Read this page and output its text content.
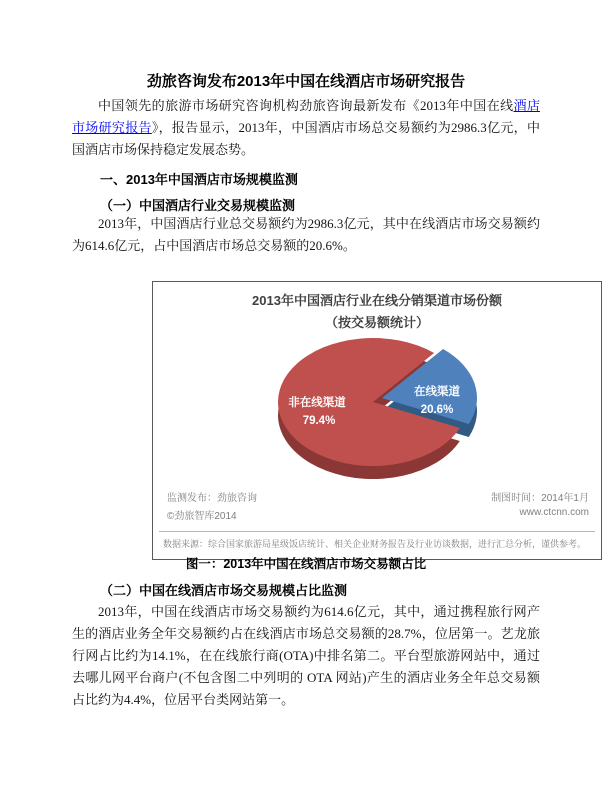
劲旅咨询发布2013年中国在线酒店市场研究报告

中国领先的旅游市场研究咨询机构劲旅咨询最新发布《2013年中国在线酒店市场研究报告》，报告显示，2013年，中国酒店市场总交易额约为2986.3亿元，中国酒店市场保持稳定发展态势。

一、2013年中国酒店市场规模监测
（一）中国酒店行业交易规模监测

2013年，中国酒店行业总交易额约为2986.3亿元，其中在线酒店市场交易额约为614.6亿元，占中国酒店市场总交易额的20.6%。

2013年中国酒店行业在线分销渠道市场份额
（按交易额统计）
非在线渠道
79.4%
在线渠道
20.6%
监测发布：劲旅咨询
©劲旅智库2014
制图时间：2014年1月
www.ctcnn.com
数据来源：综合国家旅游局星级饭店统计、相关企业财务报告及行业访谈数据，进行汇总分析，谨供参考。
图一：2013年中国在线酒店市场交易额占比
（二）中国在线酒店市场交易规模占比监测

2013年，中国在线酒店市场交易额约为614.6亿元，其中，通过携程旅行网产生的酒店业务全年交易额约占在线酒店市场总交易额的28.7%，位居第一。艺龙旅行网占比约为14.1%，在在线旅行商(OTA)中排名第二。平台型旅游网站中，通过去哪儿网平台商户(不包含图二中列明的 OTA 网站)产生的酒店业务全年总交易额占比约为4.4%，位居平台类网站第一。
